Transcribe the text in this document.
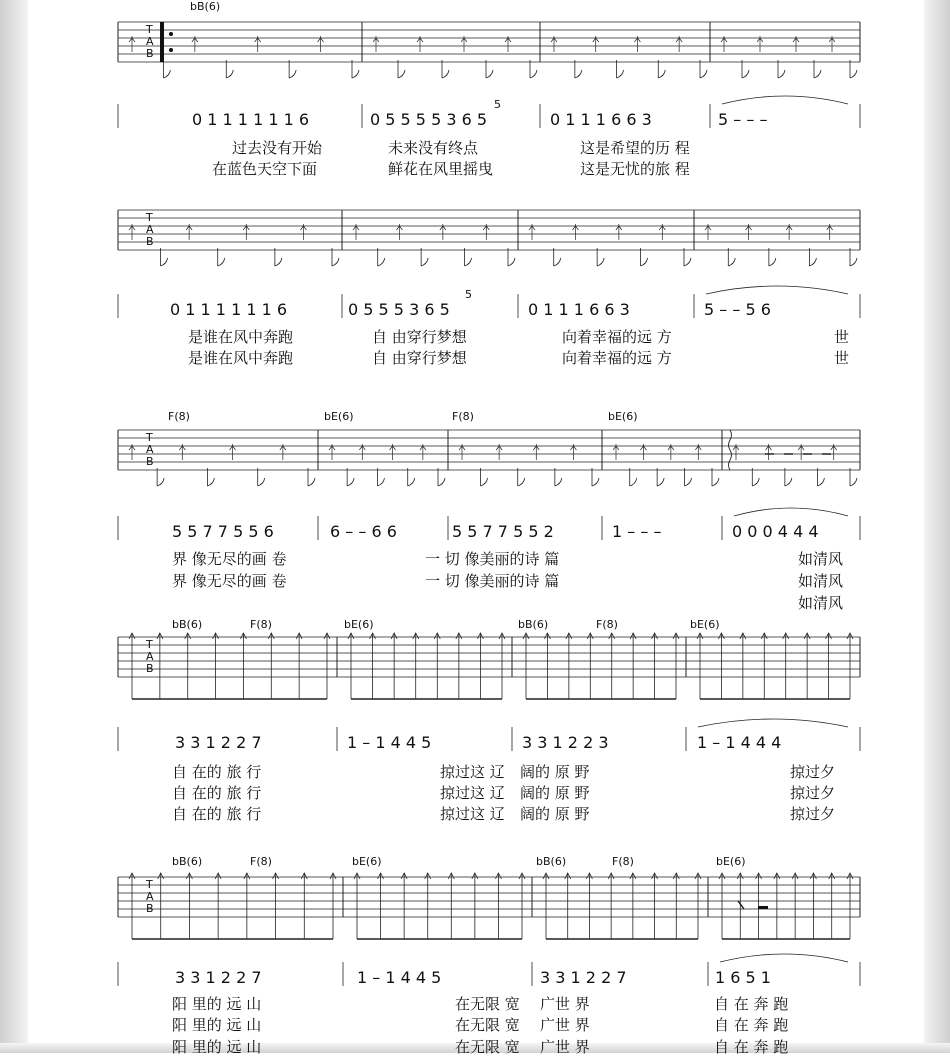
T
A
B
T
A
B
T
A
B
T
A
B
T
A
B
bB(6)
0 1 1 1 1 1 1 6	0 5 5 5 5 3 6 5	0 1 1 1 6 6 3	5 – – –
5
过去没有开始	未来没有终点	这是希望的历 程
在蓝色天空下面	鲜花在风里摇曳	这是无忧的旅 程
0 1 1 1 1 1 1 6	0 5 5 5 3 6 5	0 1 1 1 6 6 3	5 – – 5 6
5
是谁在风中奔跑	自 由穿行梦想	向着幸福的远 方	世
是谁在风中奔跑	自 由穿行梦想	向着幸福的远 方	世
F(8)	bE(6)	F(8)	bE(6)
5 5 7 7 5 5 6	6 – – 6 6	5 5 7 7 5 5 2	1 – – –	0 0 0 4 4 4
界 像无尽的画 卷	一 切 像美丽的诗 篇	如清风
界 像无尽的画 卷	一 切 像美丽的诗 篇	如清风
如清风
bB(6)	F(8)	bE(6)	bB(6)	F(8)	bE(6)
3 3 1 2 2 7	1 – 1 4 4 5	3 3 1 2 2 3	1 – 1 4 4 4
自 在的 旅 行	掠过这 辽 阔的 原 野	掠过夕
自 在的 旅 行	掠过这 辽 阔的 原 野	掠过夕
自 在的 旅 行	掠过这 辽 阔的 原 野	掠过夕
bB(6)	F(8)	bE(6)	bB(6)	F(8)	bE(6)
3 3 1 2 2 7	1 – 1 4 4 5	3 3 1 2 2 7	1 6 5 1
阳 里的 远 山	在无限 宽 广世 界	自 在 奔 跑
阳 里的 远 山	在无限 宽 广世 界	自 在 奔 跑
阳 里的 远 山	在无限 宽 广世 界	自 在 奔 跑
